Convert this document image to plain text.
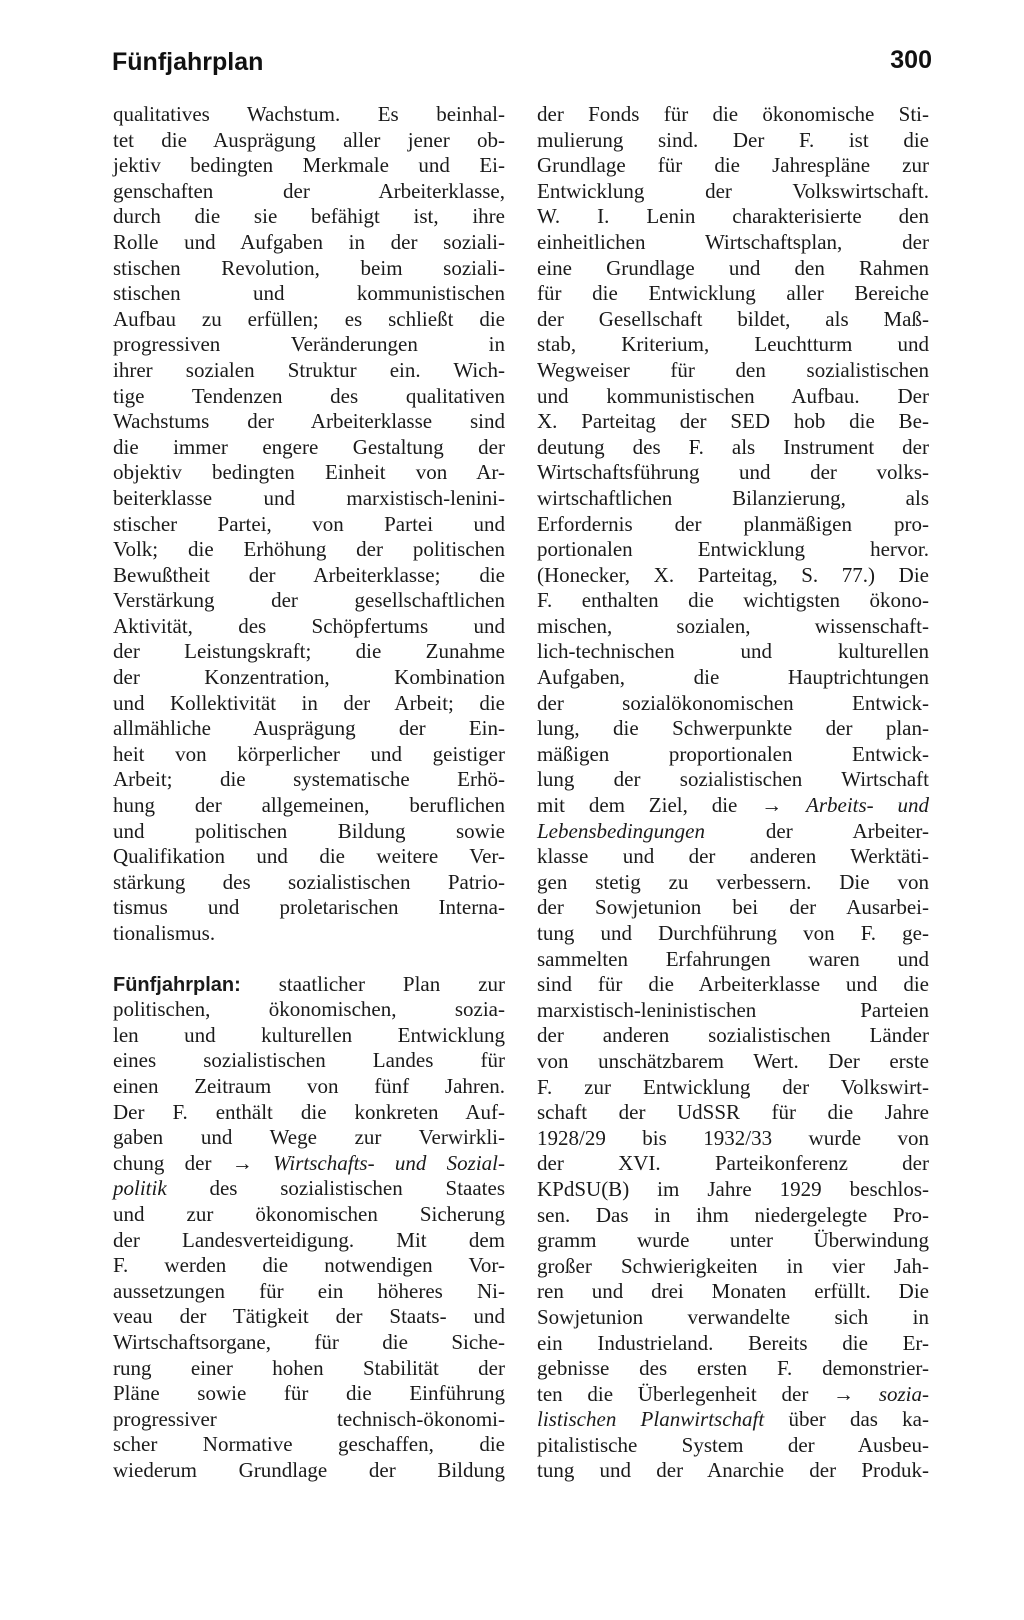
Fünfjahrplan	300
qualitatives Wachstum. Es beinhal-
tet die Ausprägung aller jener ob-
jektiv bedingten Merkmale und Ei-
genschaften der Arbeiterklasse,
durch die sie befähigt ist, ihre
Rolle und Aufgaben in der soziali-
stischen Revolution, beim soziali-
stischen und kommunistischen
Aufbau zu erfüllen; es schließt die
progressiven Veränderungen in
ihrer sozialen Struktur ein. Wich-
tige Tendenzen des qualitativen
Wachstums der Arbeiterklasse sind
die immer engere Gestaltung der
objektiv bedingten Einheit von Ar-
beiterklasse und marxistisch-lenini-
stischer Partei, von Partei und
Volk; die Erhöhung der politischen
Bewußtheit der Arbeiterklasse; die
Verstärkung der gesellschaftlichen
Aktivität, des Schöpfertums und
der Leistungskraft; die Zunahme
der Konzentration, Kombination
und Kollektivität in der Arbeit; die
allmähliche Ausprägung der Ein-
heit von körperlicher und geistiger
Arbeit; die systematische Erhö-
hung der allgemeinen, beruflichen
und politischen Bildung sowie
Qualifikation und die weitere Ver-
stärkung des sozialistischen Patrio-
tismus und proletarischen Interna-
tionalismus.
Fünfjahrplan: staatlicher Plan zur
politischen, ökonomischen, sozia-
len und kulturellen Entwicklung
eines sozialistischen Landes für
einen Zeitraum von fünf Jahren.
Der F. enthält die konkreten Auf-
gaben und Wege zur Verwirkli-
chung der → Wirtschafts- und Sozial-
politik des sozialistischen Staates
und zur ökonomischen Sicherung
der Landesverteidigung. Mit dem
F. werden die notwendigen Vor-
aussetzungen für ein höheres Ni-
veau der Tätigkeit der Staats- und
Wirtschaftsorgane, für die Siche-
rung einer hohen Stabilität der
Pläne sowie für die Einführung
progressiver technisch-ökonomi-
scher Normative geschaffen, die
wiederum Grundlage der Bildung
der Fonds für die ökonomische Sti-
mulierung sind. Der F. ist die
Grundlage für die Jahrespläne zur
Entwicklung der Volkswirtschaft.
W. I. Lenin charakterisierte den
einheitlichen Wirtschaftsplan, der
eine Grundlage und den Rahmen
für die Entwicklung aller Bereiche
der Gesellschaft bildet, als Maß-
stab, Kriterium, Leuchtturm und
Wegweiser für den sozialistischen
und kommunistischen Aufbau. Der
X. Parteitag der SED hob die Be-
deutung des F. als Instrument der
Wirtschaftsführung und der volks-
wirtschaftlichen Bilanzierung, als
Erfordernis der planmäßigen pro-
portionalen Entwicklung hervor.
(Honecker, X. Parteitag, S. 77.) Die
F. enthalten die wichtigsten ökono-
mischen, sozialen, wissenschaft-
lich-technischen und kulturellen
Aufgaben, die Hauptrichtungen
der sozialökonomischen Entwick-
lung, die Schwerpunkte der plan-
mäßigen proportionalen Entwick-
lung der sozialistischen Wirtschaft
mit dem Ziel, die → Arbeits- und
Lebensbedingungen	der Arbeiter-
klasse und der anderen Werktäti-
gen stetig zu verbessern. Die von
der Sowjetunion bei der Ausarbei-
tung und Durchführung von F. ge-
sammelten Erfahrungen waren und
sind für die Arbeiterklasse und die
marxistisch-leninistischen Parteien
der anderen sozialistischen Länder
von unschätzbarem Wert. Der erste
F. zur Entwicklung der Volkswirt-
schaft der UdSSR für die Jahre
1928/29 bis 1932/33 wurde von
der XVI. Parteikonferenz der
KPdSU(B) im Jahre 1929 beschlos-
sen. Das in ihm niedergelegte Pro-
gramm wurde unter Überwindung
großer Schwierigkeiten in vier Jah-
ren und drei Monaten erfüllt. Die
Sowjetunion verwandelte sich in
ein Industrieland. Bereits die Er-
gebnisse des ersten F. demonstrier-
ten die Überlegenheit der → sozia-
listischen Planwirtschaft über das ka-
pitalistische System der Ausbeu-
tung und der Anarchie der Produk-
